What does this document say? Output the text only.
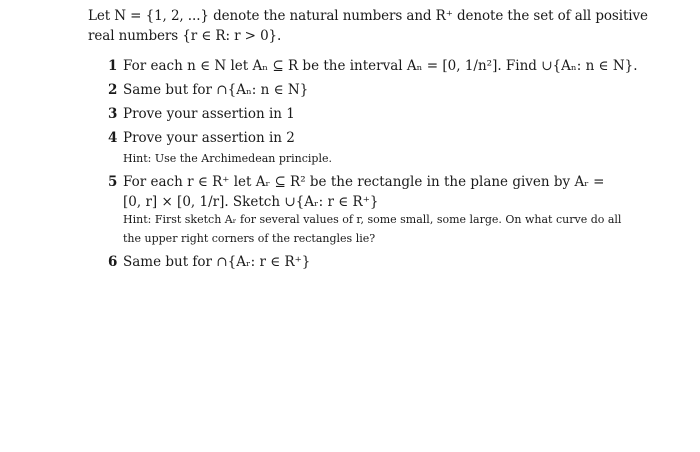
Let N = {1, 2, ...} denote the natural numbers and R⁺ denote the set of all positive
real numbers {r ∈ R: r > 0}.
1 For each n ∈ N let Aₙ ⊆ R be the interval Aₙ = [0, 1/n²]. Find ∪{Aₙ: n ∈ N}.
2 Same but for ∩{Aₙ: n ∈ N}
3 Prove your assertion in 1
4 Prove your assertion in 2
Hint: Use the Archimedean principle.
5 For each r ∈ R⁺ let Aᵣ ⊆ R² be the rectangle in the plane given by Aᵣ =
[0, r] × [0, 1/r]. Sketch ∪{Aᵣ: r ∈ R⁺}
Hint: First sketch Aᵣ for several values of r, some small, some large. On what curve do all
the upper right corners of the rectangles lie?
6 Same but for ∩{Aᵣ: r ∈ R⁺}
